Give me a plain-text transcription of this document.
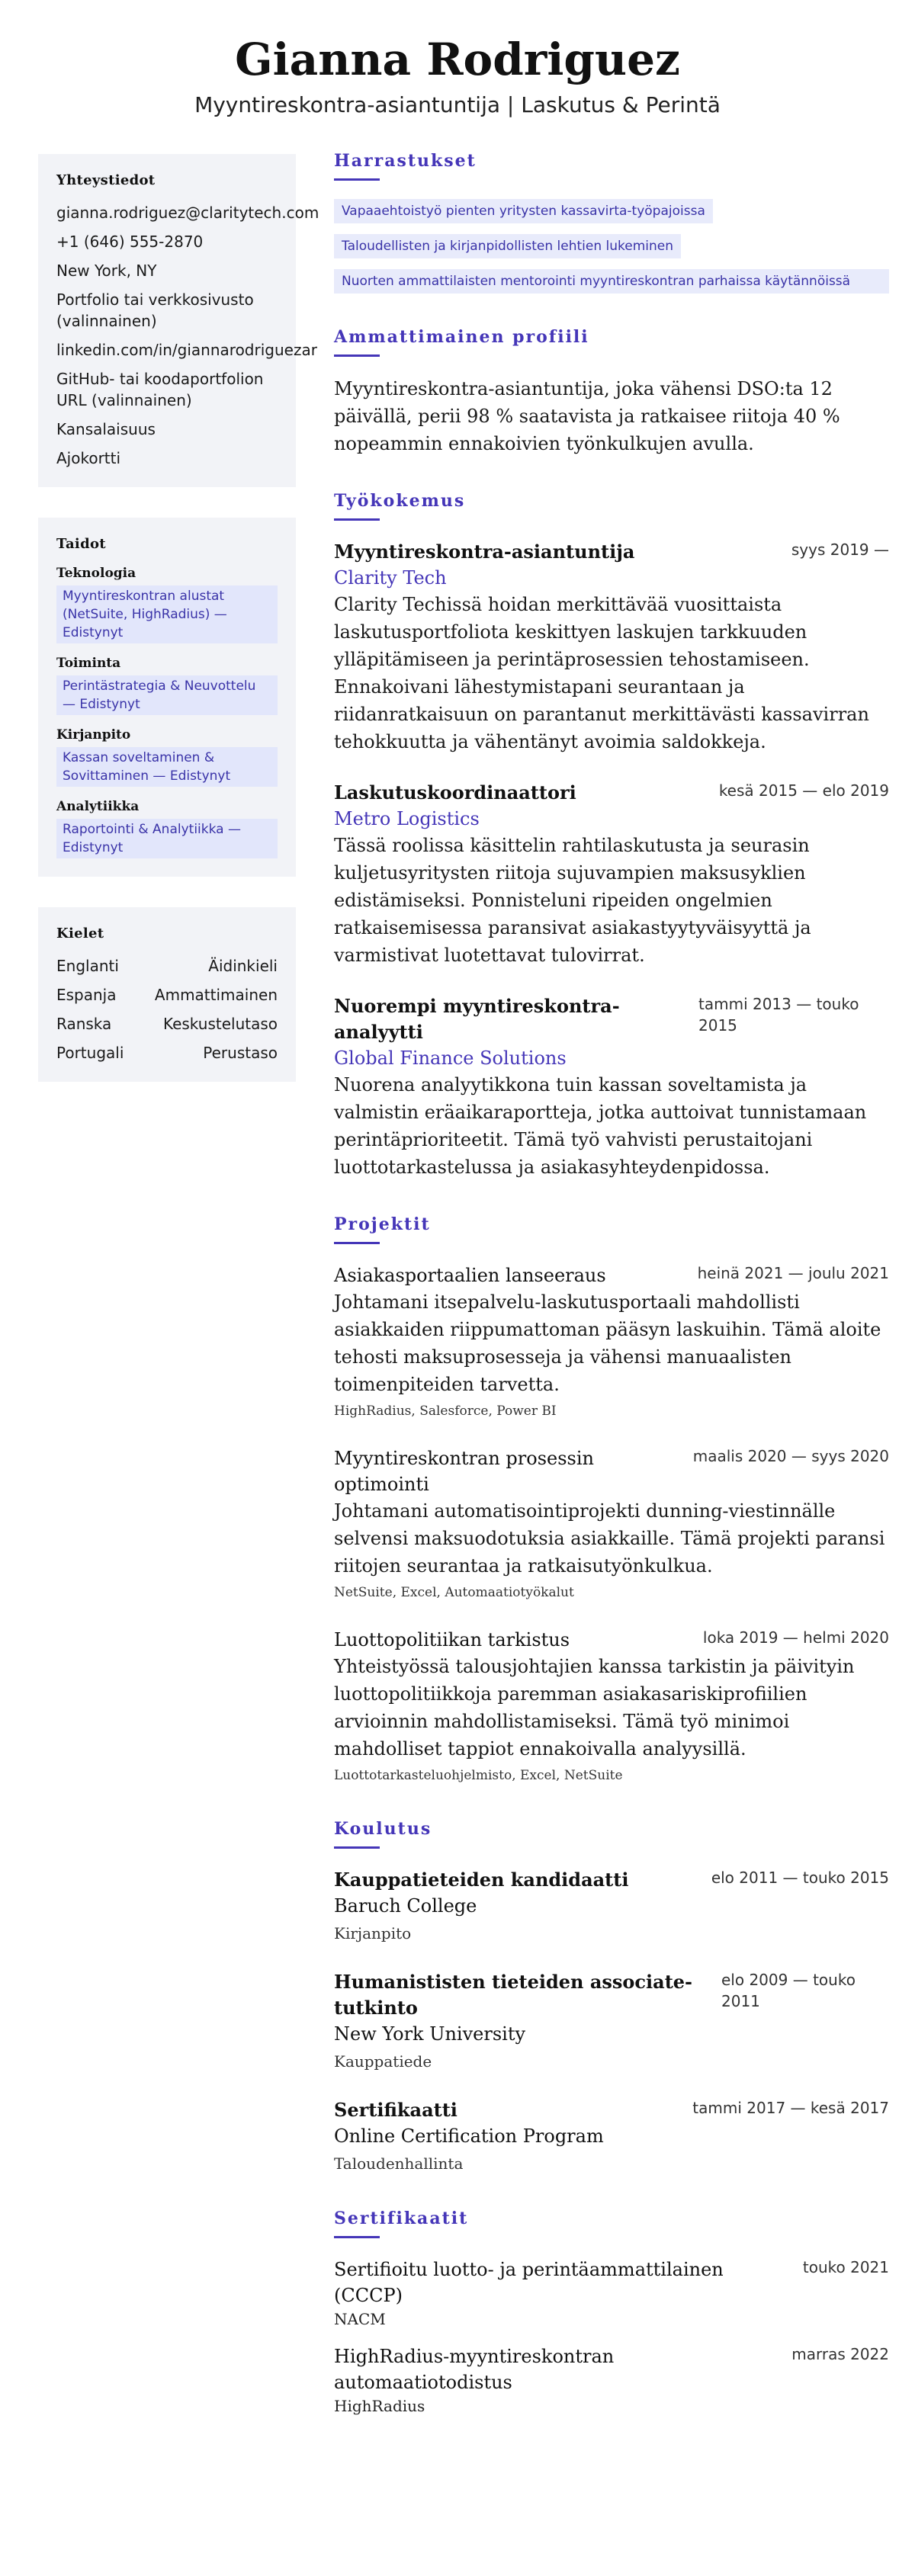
Gianna Rodriguez
Myyntireskontra-asiantuntija | Laskutus & Perintä
Yhteystiedot
gianna.rodriguez@claritytech.com
+1 (646) 555-2870
New York, NY
Portfolio tai verkkosivusto (valinnainen)
linkedin.com/in/giannarodriguezar
GitHub- tai koodaportfolion URL (valinnainen)
Kansalaisuus
Ajokortti
Taidot
Teknologia
Myyntireskontran alustat (NetSuite, HighRadius) — Edistynyt
Toiminta
Perintästrategia & Neuvottelu — Edistynyt
Kirjanpito
Kassan soveltaminen & Sovittaminen — Edistynyt
Analytiikka
Raportointi & Analytiikka — Edistynyt
Kielet
Englanti	Äidinkieli
Espanja	Ammattimainen
Ranska	Keskustelutaso
Portugali	Perustaso
Harrastukset
Vapaaehtoistyö pienten yritysten kassavirta-työpajoissa
Taloudellisten ja kirjanpidollisten lehtien lukeminen
Nuorten ammattilaisten mentorointi myyntireskontran parhaissa käytännöissä
Ammattimainen profiili
Myyntireskontra-asiantuntija, joka vähensi DSO:ta 12 päivällä, perii 98 % saatavista ja ratkaisee riitoja 40 % nopeammin ennakoivien työnkulkujen avulla.
Työkokemus
Myyntireskontra-asiantuntija	syys 2019 —
Clarity Tech
Clarity Techissä hoidan merkittävää vuosittaista laskutusportfoliota keskittyen laskujen tarkkuuden ylläpitämiseen ja perintäprosessien tehostamiseen. Ennakoivani lähestymistapani seurantaan ja riidanratkaisuun on parantanut merkittävästi kassavirran tehokkuutta ja vähentänyt avoimia saldokkeja.
Laskutuskoordinaattori	kesä 2015 — elo 2019
Metro Logistics
Tässä roolissa käsittelin rahtilaskutusta ja seurasin kuljetusyritysten riitoja sujuvampien maksusyklien edistämiseksi. Ponnisteluni ripeiden ongelmien ratkaisemisessa paransivat asiakastyytyväisyyttä ja varmistivat luotettavat tulovirrat.
Nuorempi myyntireskontra-analyytti
tammi 2013 — touko 2015
Global Finance Solutions
Nuorena analyytikkona tuin kassan soveltamista ja valmistin eräaikaraportteja, jotka auttoivat tunnistamaan perintäprioriteetit. Tämä työ vahvisti perustaitojani luottotarkastelussa ja asiakasyhteydenpidossa.
Projektit
Asiakasportaalien lanseeraus	heinä 2021 — joulu 2021
Johtamani itsepalvelu-laskutusportaali mahdollisti asiakkaiden riippumattoman pääsyn laskuihin. Tämä aloite tehosti maksuprosesseja ja vähensi manuaalisten toimenpiteiden tarvetta.
HighRadius, Salesforce, Power BI
Myyntireskontran prosessin optimointi
maalis 2020 — syys 2020
Johtamani automatisointiprojekti dunning-viestinnälle selvensi maksuodotuksia asiakkaille. Tämä projekti paransi riitojen seurantaa ja ratkaisutyönkulkua.
NetSuite, Excel, Automaatiotyökalut
Luottopolitiikan tarkistus	loka 2019 — helmi 2020
Yhteistyössä talousjohtajien kanssa tarkistin ja päivityin luottopolitiikkoja paremman asiakasariskiprofiilien arvioinnin mahdollistamiseksi. Tämä työ minimoi mahdolliset tappiot ennakoivalla analyysillä.
Luottotarkasteluohjelmisto, Excel, NetSuite
Koulutus
Kauppatieteiden kandidaatti	elo 2011 — touko 2015
Baruch College
Kirjanpito
Humanististen tieteiden associate-tutkinto
elo 2009 — touko 2011
New York University
Kauppatiede
Sertifikaatti	tammi 2017 — kesä 2017
Online Certification Program
Taloudenhallinta
Sertifikaatit
Sertifioitu luotto- ja perintäammattilainen (CCCP)
touko 2021
NACM
HighRadius-myyntireskontran automaatiotodistus
marras 2022
HighRadius
